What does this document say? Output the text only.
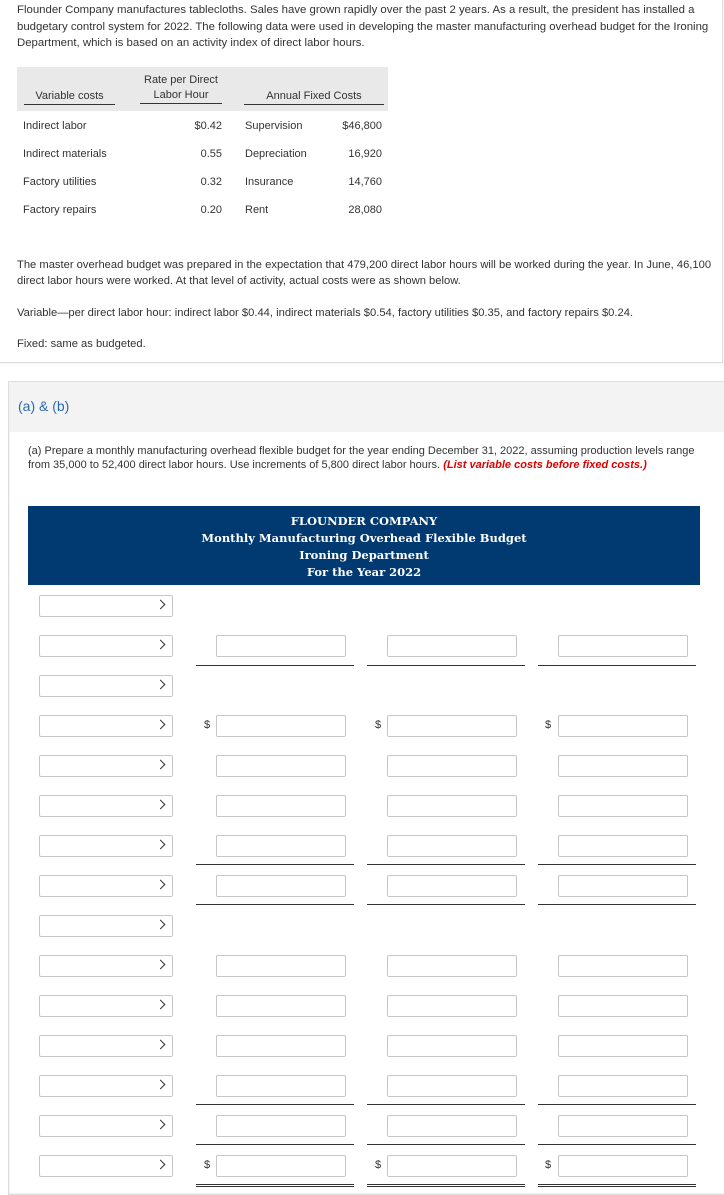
Flounder Company manufactures tablecloths. Sales have grown rapidly over the past 2 years. As a result, the president has installed a budgetary control system for 2022. The following data were used in developing the master manufacturing overhead budget for the Ironing Department, which is based on an activity index of direct labor hours.
Variable costs
Rate per Direct
Labor Hour	Annual Fixed Costs
Indirect labor	$0.42 Supervision	$46,800
Indirect materials	0.55 Depreciation	16,920
Factory utilities	0.32 Insurance	14,760
Factory repairs	0.20 Rent	28,080
The master overhead budget was prepared in the expectation that 479,200 direct labor hours will be worked during the year. In June, 46,100 direct labor hours were worked. At that level of activity, actual costs were as shown below.
Variable—per direct labor hour: indirect labor $0.44, indirect materials $0.54, factory utilities $0.35, and factory repairs $0.24.
Fixed: same as budgeted.
(a) & (b)
(a) Prepare a monthly manufacturing overhead flexible budget for the year ending December 31, 2022, assuming production levels range from 35,000 to 52,400 direct labor hours. Use increments of 5,800 direct labor hours. (List variable costs before fixed costs.)
FLOUNDER COMPANY
Monthly Manufacturing Overhead Flexible Budget
Ironing Department
For the Year 2022
$	$	$
$	$	$
